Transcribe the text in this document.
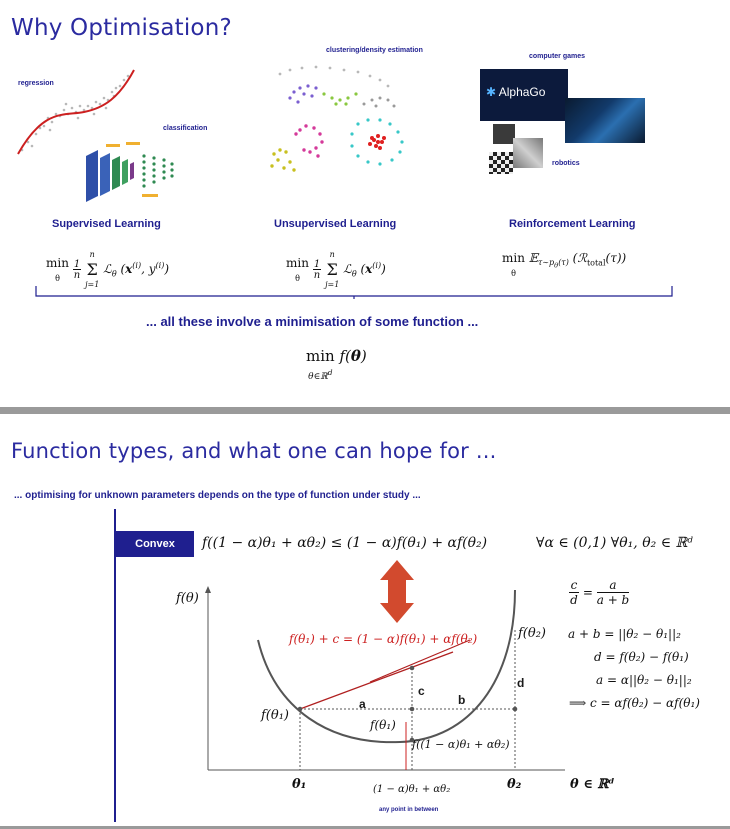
Why Optimisation?
regression
classification
clustering/density estimation
computer games
✱ AlphaGo
robotics
Supervised Learning	Unsupervised Learning	Reinforcement Learning
min
θ 1
n n
Σ
j=1 ℒ$_\theta$ ($x^{(i)}$, $y^{(i)}$)	min
θ 1
n n
Σ
j=1 ℒ$_\theta$ $(x^{(i)})$
min
θ 𝔼$_{\tau\sim p_\theta(\tau)}$ (ℛ$_{total}$(τ))
... all these involve a minimisation of some function ...
min
θ∈ℝ$^d$ f(θ)
Function types, and what one can hope for ...
... optimising for unknown parameters depends on the type of function under study ...
Convex	f((1 − α)θ₁ + αθ₂) ≤ (1 − α)f(θ₁) + αf(θ₂)	∀α ∈ (0,1) ∀θ₁, θ₂ ∈ ℝᵈ
f(θ)
θ ∈ ℝᵈ
θ₁	θ₂
(1 − α)θ₁ + αθ₂
any point in between
f(θ₁)
f(θ₂)
f(θ₁)
f((1 − α)θ₁ + αθ₂)
f(θ₁) + c = (1 − α)f(θ₁) + αf(θ₂)
a	b
c
d
$\frac{c}{d} = \frac{a}{a + b}$
a + b = ||θ₂ − θ₁||₂
d = f(θ₂) − f(θ₁)
a = α||θ₂ − θ₁||₂
⟹ c = αf(θ₂) − αf(θ₁)
